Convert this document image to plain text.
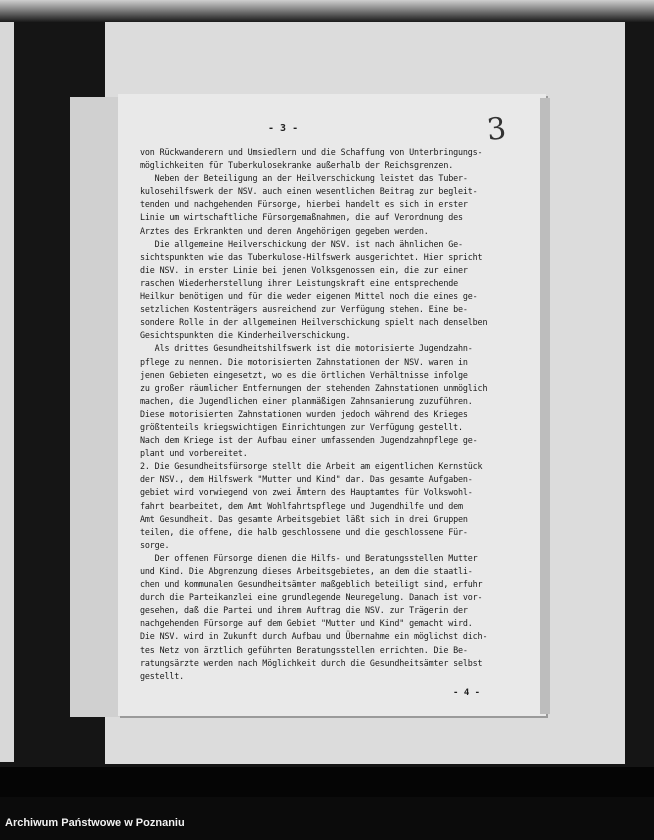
- 3 -	3
von Rückwanderern und Umsiedlern und die Schaffung von Unterbringungs-
möglichkeiten für Tuberkulosekranke außerhalb der Reichsgrenzen.
Neben der Beteiligung an der Heilverschickung leistet das Tuber-
kulosehilfswerk der NSV. auch einen wesentlichen Beitrag zur begleit-
tenden und nachgehenden Fürsorge, hierbei handelt es sich in erster
Linie um wirtschaftliche Fürsorgemaßnahmen, die auf Verordnung des
Arztes des Erkrankten und deren Angehörigen gegeben werden.
Die allgemeine Heilverschickung der NSV. ist nach ähnlichen Ge-
sichtspunkten wie das Tuberkulose-Hilfswerk ausgerichtet. Hier spricht
die NSV. in erster Linie bei jenen Volksgenossen ein, die zur einer
raschen Wiederherstellung ihrer Leistungskraft eine entsprechende
Heilkur benötigen und für die weder eigenen Mittel noch die eines ge-
setzlichen Kostenträgers ausreichend zur Verfügung stehen. Eine be-
sondere Rolle in der allgemeinen Heilverschickung spielt nach denselben
Gesichtspunkten die Kinderheilverschickung.
Als drittes Gesundheitshilfswerk ist die motorisierte Jugendzahn-
pflege zu nennen. Die motorisierten Zahnstationen der NSV. waren in
jenen Gebieten eingesetzt, wo es die örtlichen Verhältnisse infolge
zu großer räumlicher Entfernungen der stehenden Zahnstationen unmöglich
machen, die Jugendlichen einer planmäßigen Zahnsanierung zuzuführen.
Diese motorisierten Zahnstationen wurden jedoch während des Krieges
größtenteils kriegswichtigen Einrichtungen zur Verfügung gestellt.
Nach dem Kriege ist der Aufbau einer umfassenden Jugendzahnpflege ge-
plant und vorbereitet.
2. Die Gesundheitsfürsorge stellt die Arbeit am eigentlichen Kernstück
der NSV., dem Hilfswerk "Mutter und Kind" dar. Das gesamte Aufgaben-
gebiet wird vorwiegend von zwei Ämtern des Hauptamtes für Volkswohl-
fahrt bearbeitet, dem Amt Wohlfahrtspflege und Jugendhilfe und dem
Amt Gesundheit. Das gesamte Arbeitsgebiet läßt sich in drei Gruppen
teilen, die offene, die halb geschlossene und die geschlossene Für-
sorge.
Der offenen Fürsorge dienen die Hilfs- und Beratungsstellen Mutter
und Kind. Die Abgrenzung dieses Arbeitsgebietes, an dem die staatli-
chen und kommunalen Gesundheitsämter maßgeblich beteiligt sind, erfuhr
durch die Parteikanzlei eine grundlegende Neuregelung. Danach ist vor-
gesehen, daß die Partei und ihrem Auftrag die NSV. zur Trägerin der
nachgehenden Fürsorge auf dem Gebiet "Mutter und Kind" gemacht wird.
Die NSV. wird in Zukunft durch Aufbau und Übernahme ein möglichst dich-
tes Netz von ärztlich geführten Beratungsstellen errichten. Die Be-
ratungsärzte werden nach Möglichkeit durch die Gesundheitsämter selbst
gestellt.
- 4 -
Archiwum Państwowe w Poznaniu
